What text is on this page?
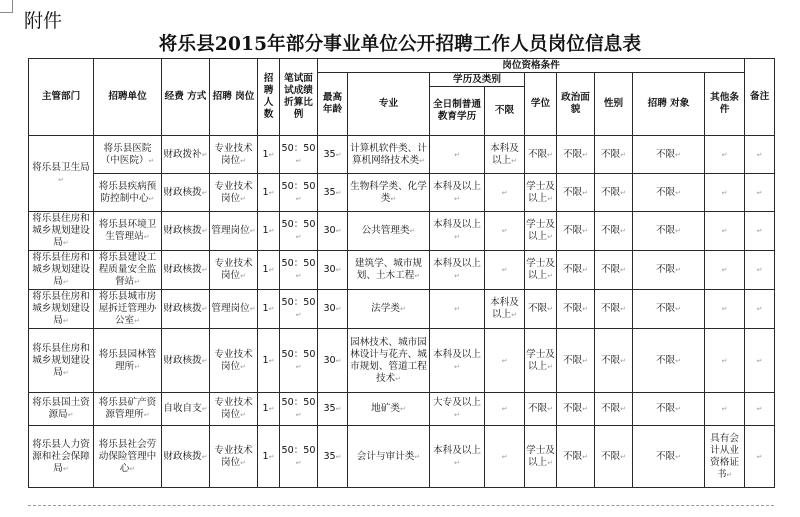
附件
将乐县2015年部分事业单位公开招聘工作人员岗位信息表
主管部门	招聘单位	经费 方式	招聘 岗位	招聘人数	笔试面试成绩折算比例	岗位资格条件									备注
						最高年龄	专业	学历及类别		学位	政治面貌	性别	招聘 对象	其他条件	
								全日制普通教育学历	不限						
将乐县卫生局↵	将乐县医院（中医院）↵	财政拨补↵	专业技术岗位↵	1↵	50：50↵	35↵	计算机软件类、计算机网络技术类↵	↵	本科及以上↵	不限↵	不限↵	不限↵	不限↵	↵	↵
	将乐县疾病预防控制中心↵	财政核拨↵	专业技术岗位↵	1↵	50：50↵	35↵	生物科学类、化学类↵	本科及以上↵	↵	学士及以上↵	不限↵	不限↵	不限↵	↵	↵
将乐县住房和城乡规划建设局↵	将乐县环境卫生管理站↵	财政核拨↵	管理岗位↵	1↵	50：50↵	30↵	公共管理类↵	本科及以上↵	↵	学士及以上↵	不限↵	不限↵	不限↵	↵	↵
将乐县住房和城乡规划建设局↵	将乐县建设工程质量安全监督站↵	财政核拨↵	专业技术岗位↵	1↵	50：50↵	30↵	建筑学、城市规划、土木工程↵	本科及以上↵	↵	学士及以上↵	不限↵	不限↵	不限↵	↵	↵
将乐县住房和城乡规划建设局↵	将乐县城市房屋拆迁管理办公室↵	财政核拨↵	管理岗位↵	1↵	50：50↵	30↵	法学类↵	↵	本科及以上↵	不限↵	不限↵	不限↵	不限↵	↵	↵
将乐县住房和城乡规划建设局↵	将乐县园林管理所↵	财政核拨↵	专业技术岗位↵	1↵	50：50↵	30↵	园林技术、城市园林设计与花卉、城市规划、管道工程技术↵	本科及以上↵	↵	学士及以上↵	不限↵	不限↵	不限↵	↵	↵
将乐县国土资源局↵	将乐县矿产资源管理所↵	自收自支↵	专业技术岗位↵	1↵	50：50↵	35↵	地矿类↵	大专及以上↵	↵	不限↵	不限↵	不限↵	不限↵	↵	↵
将乐县人力资源和社会保障局↵	将乐县社会劳动保险管理中心↵	财政核拨↵	专业技术岗位↵	1↵	50：50↵	35↵	会计与审计类↵	本科及以上↵	↵	学士及以上↵	不限↵	不限↵	不限↵	具有会计从业资格证书↵	↵
